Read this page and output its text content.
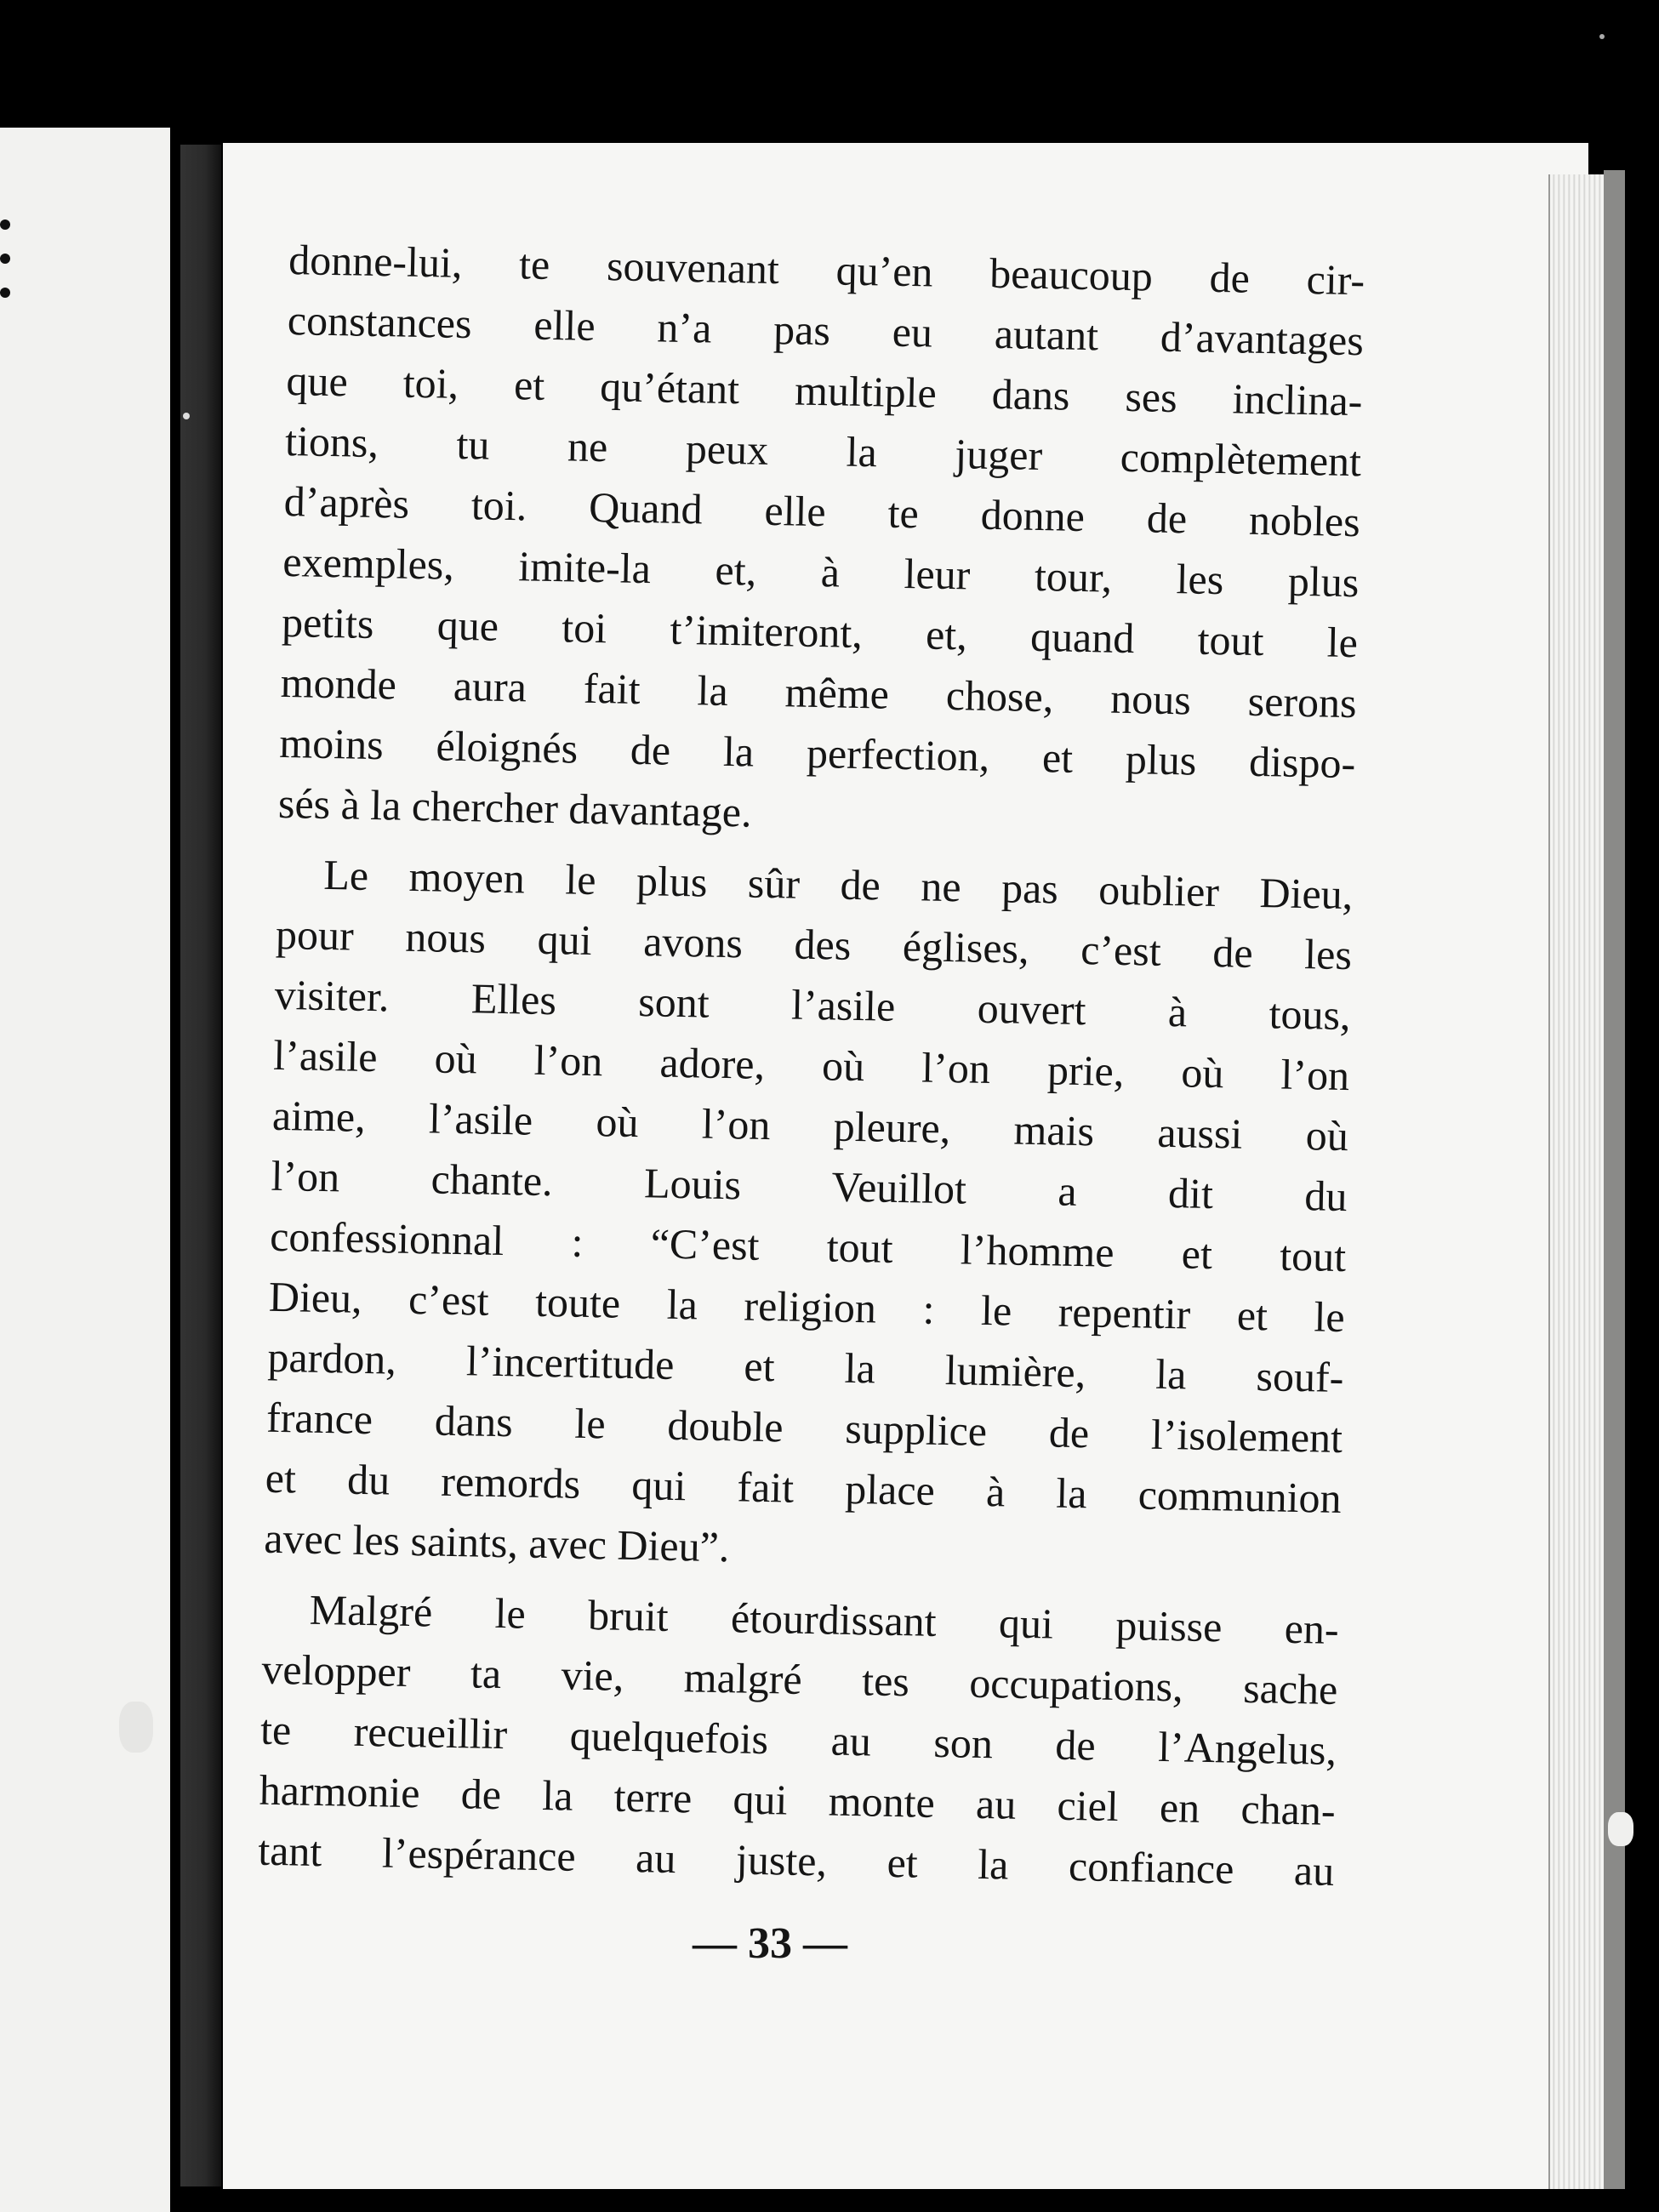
donne-lui, te souvenant qu’en beaucoup de cir-
constances elle n’a pas eu autant d’avantages
que toi, et qu’étant multiple dans ses inclina-
tions, tu ne peux la juger complètement
d’après toi. Quand elle te donne de nobles
exemples, imite-la et, à leur tour, les plus
petits que toi t’imiteront, et, quand tout le
monde aura fait la même chose, nous serons
moins éloignés de la perfection, et plus dispo-
sés à la chercher davantage.
Le moyen le plus sûr de ne pas oublier Dieu,
pour nous qui avons des églises, c’est de les
visiter. Elles sont l’asile ouvert à tous,
l’asile où l’on adore, où l’on prie, où l’on
aime, l’asile où l’on pleure, mais aussi où
l’on chante. Louis Veuillot a dit du
confessionnal : “C’est tout l’homme et tout
Dieu, c’est toute la religion : le repentir et le
pardon, l’incertitude et la lumière, la souf-
france dans le double supplice de l’isolement
et du remords qui fait place à la communion
avec les saints, avec Dieu”.
Malgré le bruit étourdissant qui puisse en-
velopper ta vie, malgré tes occupations, sache
te recueillir quelquefois au son de l’Angelus,
harmonie de la terre qui monte au ciel en chan-
tant l’espérance au juste, et la confiance au
— 33 —
